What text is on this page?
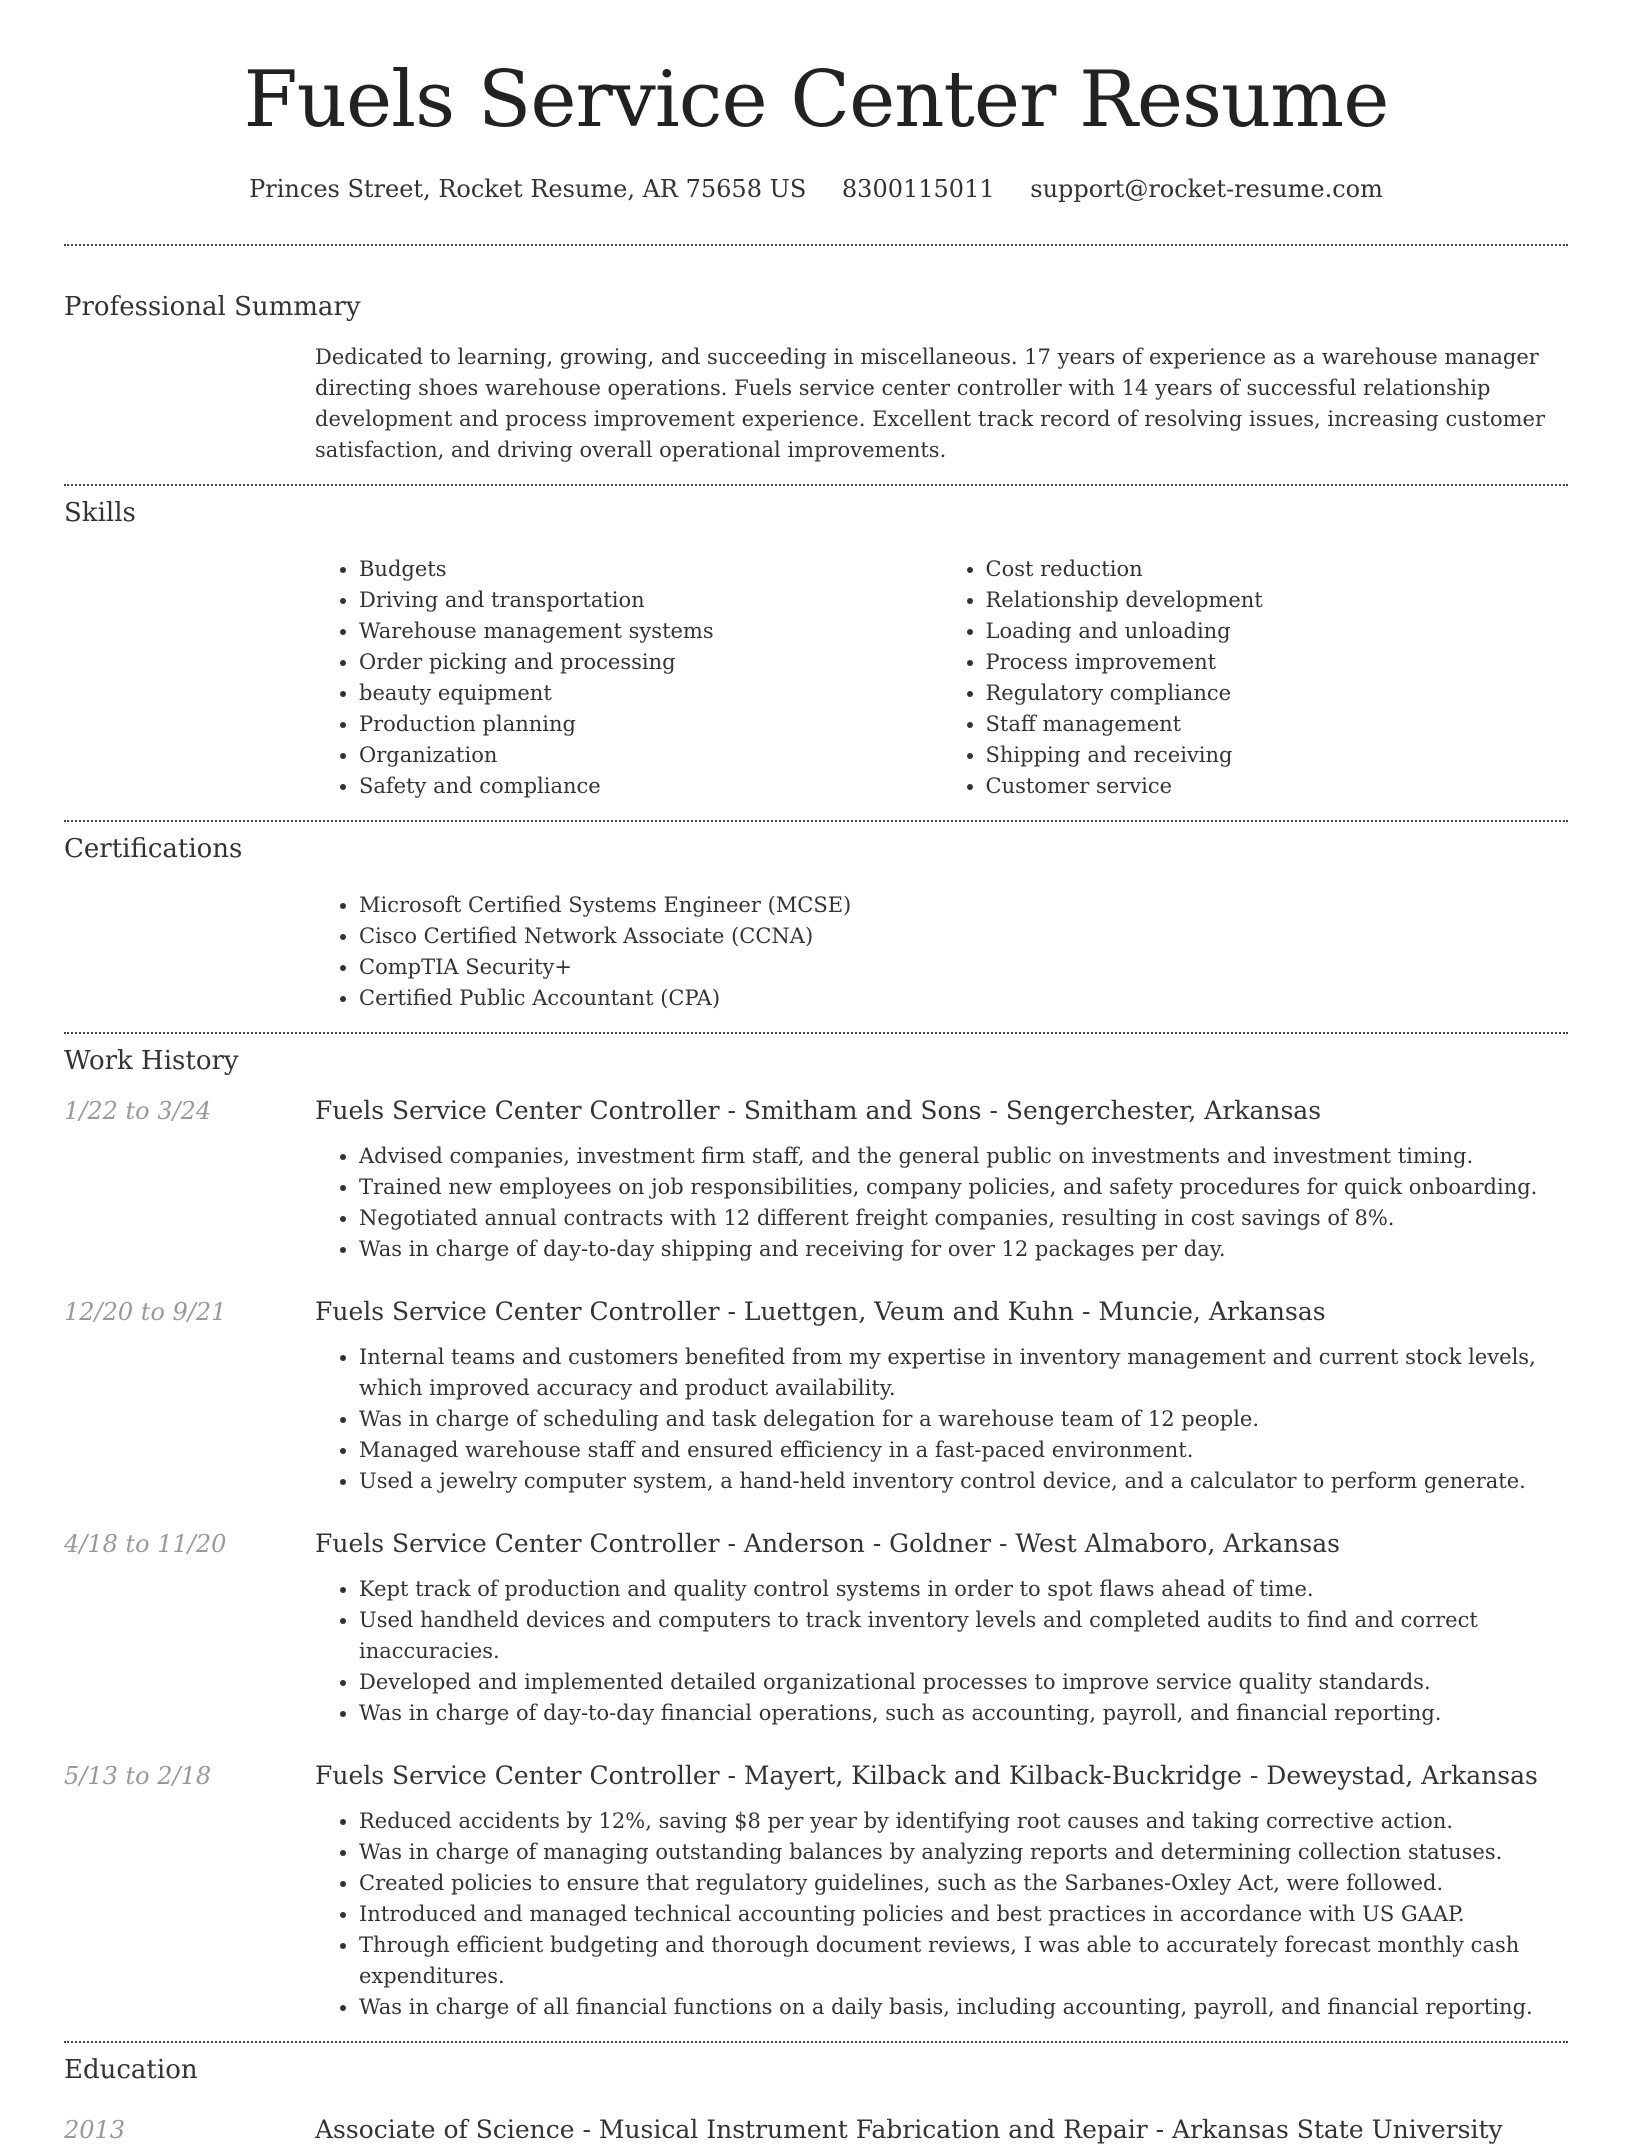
Fuels Service Center Resume
Princes Street, Rocket Resume, AR 75658 US 8300115011 support@rocket-resume.com
Professional Summary
Dedicated to learning, growing, and succeeding in miscellaneous. 17 years of experience as a warehouse manager directing shoes warehouse operations. Fuels service center controller with 14 years of successful relationship development and process improvement experience. Excellent track record of resolving issues, increasing customer satisfaction, and driving overall operational improvements.
Skills
• Budgets
• Driving and transportation
• Warehouse management systems
• Order picking and processing
• beauty equipment
• Production planning
• Organization
• Safety and compliance
• Cost reduction
• Relationship development
• Loading and unloading
• Process improvement
• Regulatory compliance
• Staff management
• Shipping and receiving
• Customer service
Certifications
• Microsoft Certified Systems Engineer (MCSE)
• Cisco Certified Network Associate (CCNA)
• CompTIA Security+
• Certified Public Accountant (CPA)
Work History
1/22 to 3/24	Fuels Service Center Controller - Smitham and Sons - Sengerchester, Arkansas
• Advised companies, investment firm staff, and the general public on investments and investment timing.
• Trained new employees on job responsibilities, company policies, and safety procedures for quick onboarding.
• Negotiated annual contracts with 12 different freight companies, resulting in cost savings of 8%.
• Was in charge of day-to-day shipping and receiving for over 12 packages per day.
12/20 to 9/21	Fuels Service Center Controller - Luettgen, Veum and Kuhn - Muncie, Arkansas
• Internal teams and customers benefited from my expertise in inventory management and current stock levels, which improved accuracy and product availability.
• Was in charge of scheduling and task delegation for a warehouse team of 12 people.
• Managed warehouse staff and ensured efficiency in a fast-paced environment.
• Used a jewelry computer system, a hand-held inventory control device, and a calculator to perform generate.
4/18 to 11/20	Fuels Service Center Controller - Anderson - Goldner - West Almaboro, Arkansas
• Kept track of production and quality control systems in order to spot flaws ahead of time.
• Used handheld devices and computers to track inventory levels and completed audits to find and correct inaccuracies.
• Developed and implemented detailed organizational processes to improve service quality standards.
• Was in charge of day-to-day financial operations, such as accounting, payroll, and financial reporting.
5/13 to 2/18	Fuels Service Center Controller - Mayert, Kilback and Kilback-Buckridge - Deweystad, Arkansas
• Reduced accidents by 12%, saving $8 per year by identifying root causes and taking corrective action.
• Was in charge of managing outstanding balances by analyzing reports and determining collection statuses.
• Created policies to ensure that regulatory guidelines, such as the Sarbanes-Oxley Act, were followed.
• Introduced and managed technical accounting policies and best practices in accordance with US GAAP.
• Through efficient budgeting and thorough document reviews, I was able to accurately forecast monthly cash expenditures.
• Was in charge of all financial functions on a daily basis, including accounting, payroll, and financial reporting.
Education
2013	Associate of Science - Musical Instrument Fabrication and Repair - Arkansas State University
